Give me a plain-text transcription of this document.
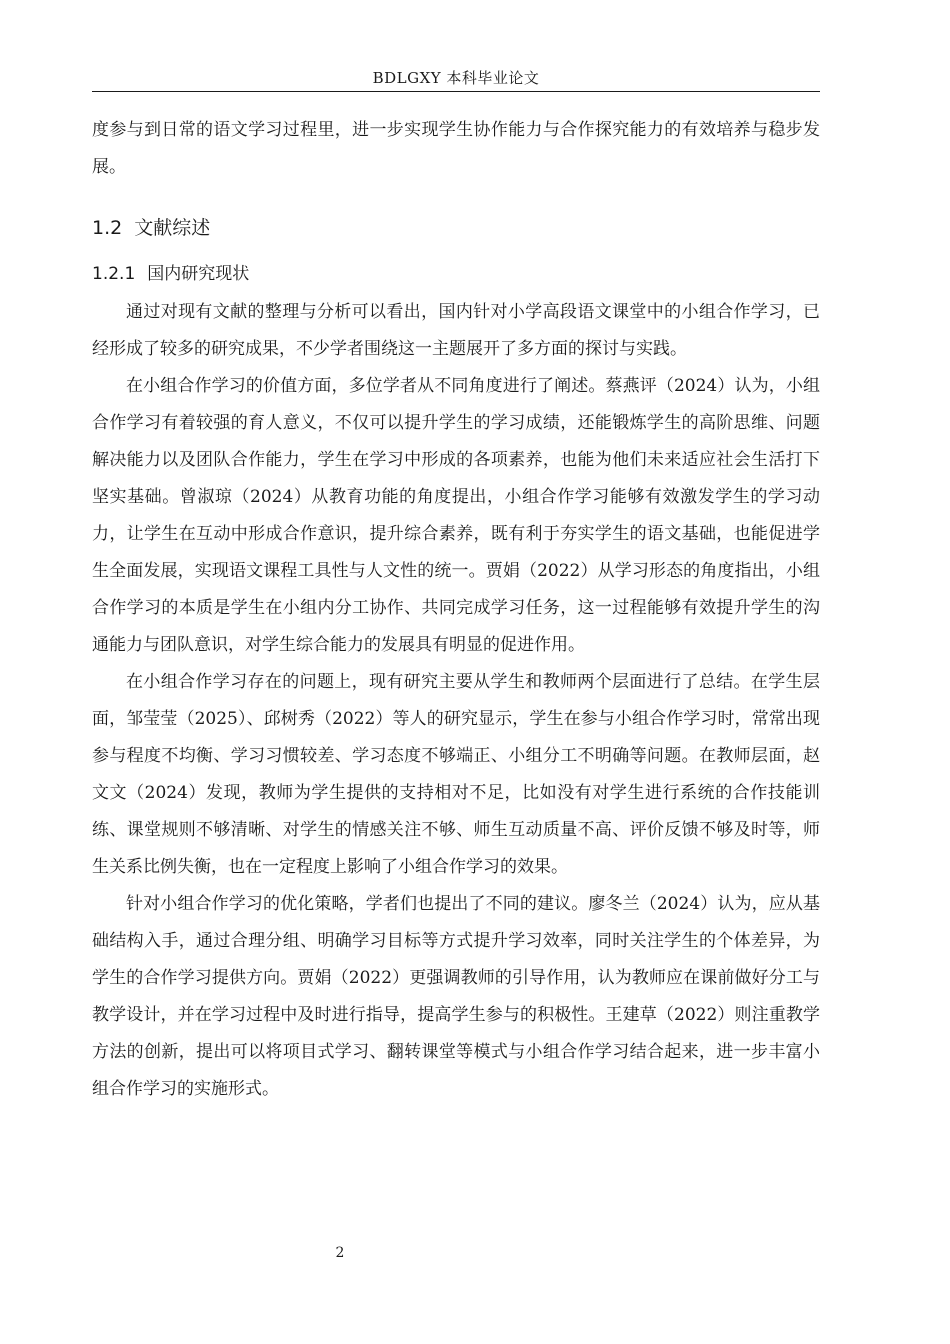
BDLGXY 本科毕业论文

度参与到日常的语文学习过程里，进一步实现学生协作能力与合作探究能力的有效培养与稳步发展。

1.2 文献综述
1.2.1 国内研究现状

通过对现有文献的整理与分析可以看出，国内针对小学高段语文课堂中的小组合作学习，已经形成了较多的研究成果，不少学者围绕这一主题展开了多方面的探讨与实践。

在小组合作学习的价值方面，多位学者从不同角度进行了阐述。蔡燕评（2024）认为，小组合作学习有着较强的育人意义，不仅可以提升学生的学习成绩，还能锻炼学生的高阶思维、问题解决能力以及团队合作能力，学生在学习中形成的各项素养，也能为他们未来适应社会生活打下坚实基础。曾淑琼（2024）从教育功能的角度提出，小组合作学习能够有效激发学生的学习动力，让学生在互动中形成合作意识，提升综合素养，既有利于夯实学生的语文基础，也能促进学生全面发展，实现语文课程工具性与人文性的统一。贾娟（2022）从学习形态的角度指出，小组合作学习的本质是学生在小组内分工协作、共同完成学习任务，这一过程能够有效提升学生的沟通能力与团队意识，对学生综合能力的发展具有明显的促进作用。

在小组合作学习存在的问题上，现有研究主要从学生和教师两个层面进行了总结。在学生层面，邹莹莹（2025）、邱树秀（2022）等人的研究显示，学生在参与小组合作学习时，常常出现参与程度不均衡、学习习惯较差、学习态度不够端正、小组分工不明确等问题。在教师层面，赵文文（2024）发现，教师为学生提供的支持相对不足，比如没有对学生进行系统的合作技能训练、课堂规则不够清晰、对学生的情感关注不够、师生互动质量不高、评价反馈不够及时等，师生关系比例失衡，也在一定程度上影响了小组合作学习的效果。

针对小组合作学习的优化策略，学者们也提出了不同的建议。廖冬兰（2024）认为，应从基础结构入手，通过合理分组、明确学习目标等方式提升学习效率，同时关注学生的个体差异，为学生的合作学习提供方向。贾娟（2022）更强调教师的引导作用，认为教师应在课前做好分工与教学设计，并在学习过程中及时进行指导，提高学生参与的积极性。王建草（2022）则注重教学方法的创新，提出可以将项目式学习、翻转课堂等模式与小组合作学习结合起来，进一步丰富小组合作学习的实施形式。

2
